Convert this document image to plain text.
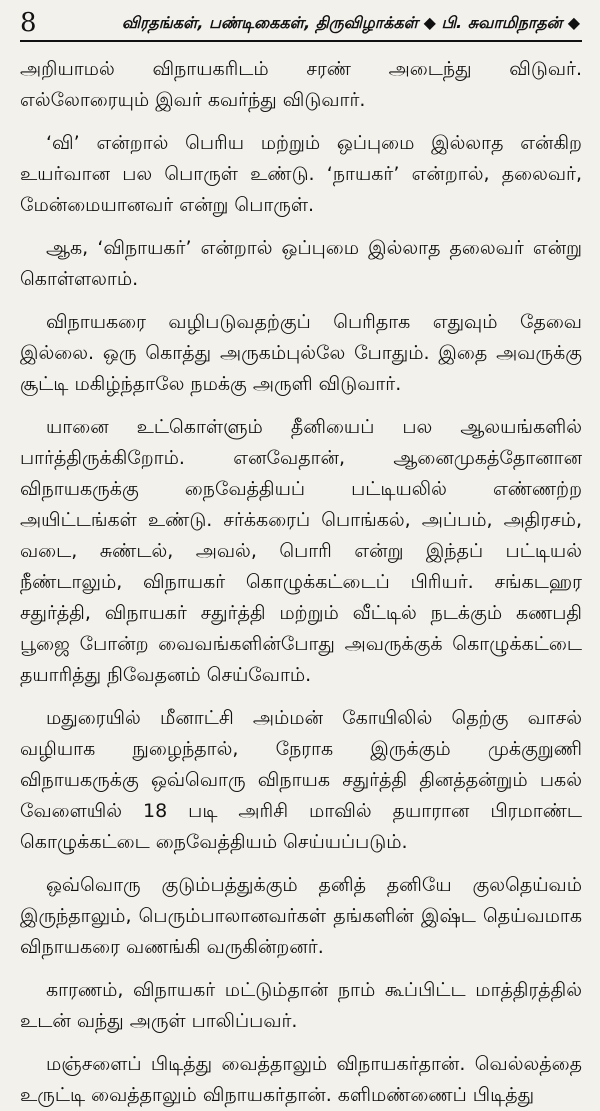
8	விரதங்கள், பண்டிகைகள், திருவிழாக்கள் ◆ பி. சுவாமிநாதன் ◆

அறியாமல் விநாயகரிடம் சரண் அடைந்து விடுவர். எல்லோரையும் இவர் கவர்ந்து விடுவார்.

‘வி’ என்றால் பெரிய மற்றும் ஒப்புமை இல்லாத என்கிற உயர்வான பல பொருள் உண்டு. ‘நாயகர்’ என்றால், தலைவர், மேன்மையானவர் என்று பொருள்.

ஆக, ‘விநாயகர்’ என்றால் ஒப்புமை இல்லாத தலைவர் என்று கொள்ளலாம்.

விநாயகரை வழிபடுவதற்குப் பெரிதாக எதுவும் தேவை இல்லை. ஒரு கொத்து அருகம்புல்லே போதும். இதை அவருக்கு சூட்டி மகிழ்ந்தாலே நமக்கு அருளி விடுவார்.

யானை உட்கொள்ளும் தீனியைப் பல ஆலயங்களில் பார்த்திருக்கிறோம். எனவேதான், ஆனைமுகத்தோனான விநாயகருக்கு நைவேத்தியப் பட்டியலில் எண்ணற்ற அயிட்டங்கள் உண்டு. சர்க்கரைப் பொங்கல், அப்பம், அதிரசம், வடை, சுண்டல், அவல், பொரி என்று இந்தப் பட்டியல் நீண்டாலும், விநாயகர் கொழுக்கட்டைப் பிரியர். சங்கடஹர சதுர்த்தி, விநாயகர் சதுர்த்தி மற்றும் வீட்டில் நடக்கும் கணபதி பூஜை போன்ற வைவங்களின்போது அவருக்குக் கொழுக்கட்டை தயாரித்து நிவேதனம் செய்வோம்.

மதுரையில் மீனாட்சி அம்மன் கோயிலில் தெற்கு வாசல் வழியாக நுழைந்தால், நேராக இருக்கும் முக்குறுணி விநாயகருக்கு ஒவ்வொரு விநாயக சதுர்த்தி தினத்தன்றும் பகல் வேளையில் 18 படி அரிசி மாவில் தயாரான பிரமாண்ட கொழுக்கட்டை நைவேத்தியம் செய்யப்படும்.

ஒவ்வொரு குடும்பத்துக்கும் தனித் தனியே குலதெய்வம் இருந்தாலும், பெரும்பாலானவர்கள் தங்களின் இஷ்ட தெய்வமாக விநாயகரை வணங்கி வருகின்றனர்.

காரணம், விநாயகர் மட்டும்தான் நாம் கூப்பிட்ட மாத்திரத்தில் உடன் வந்து அருள் பாலிப்பவர்.

மஞ்சளைப் பிடித்து வைத்தாலும் விநாயகர்தான். வெல்லத்தை உருட்டி வைத்தாலும் விநாயகர்தான். களிமண்ணைப் பிடித்து
